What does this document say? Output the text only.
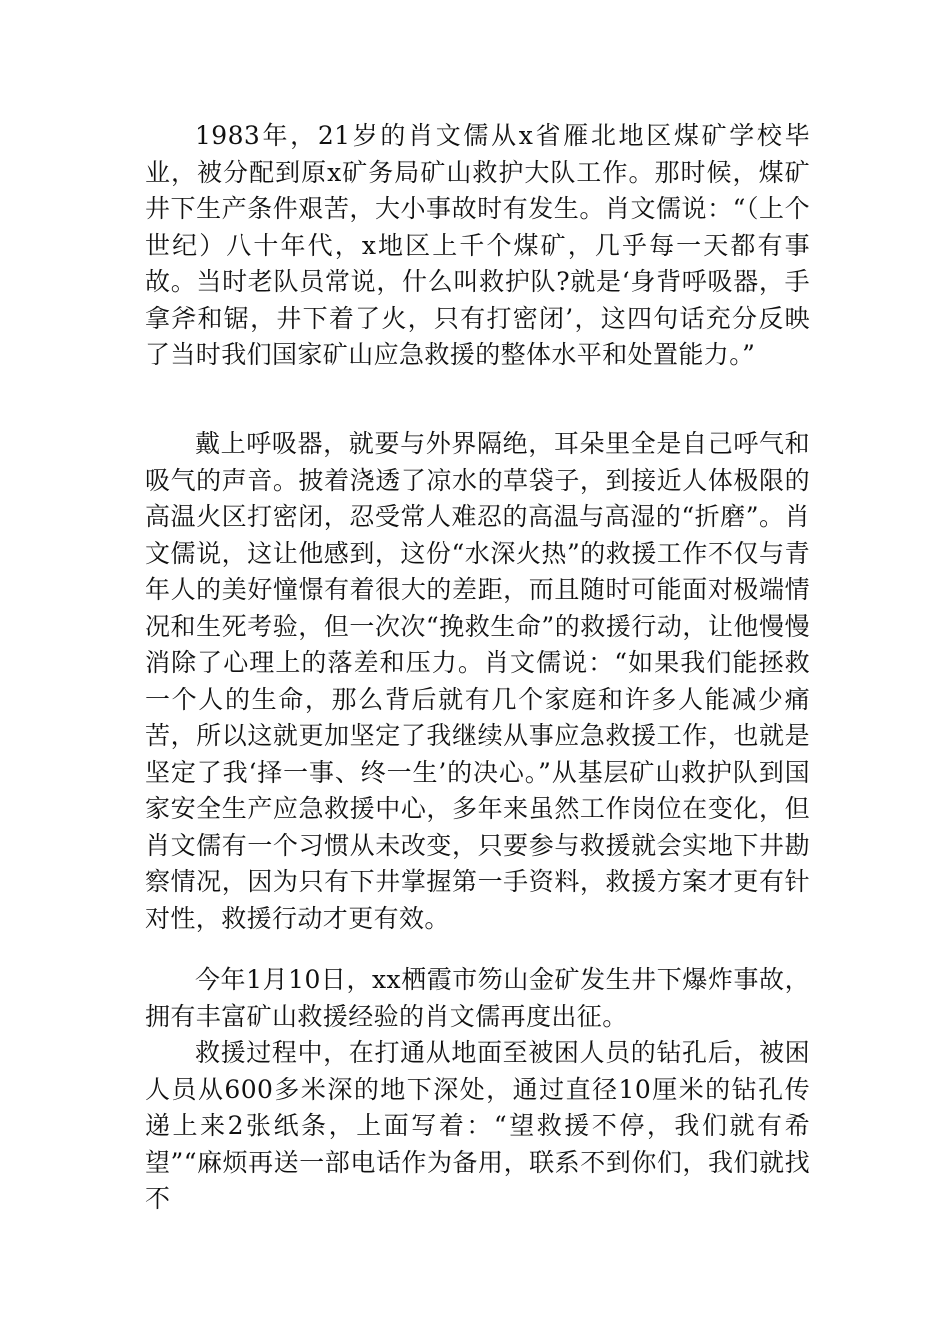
1983年，21岁的肖文儒从x省雁北地区煤矿学校毕业，被分配到原x矿务局矿山救护大队工作。那时候，煤矿井下生产条件艰苦，大小事故时有发生。肖文儒说：“（上个世纪）八十年代，x地区上千个煤矿，几乎每一天都有事故。当时老队员常说，什么叫救护队?就是‘身背呼吸器，手拿斧和锯，井下着了火，只有打密闭’，这四句话充分反映了当时我们国家矿山应急救援的整体水平和处置能力。”

戴上呼吸器，就要与外界隔绝，耳朵里全是自己呼气和吸气的声音。披着浇透了凉水的草袋子，到接近人体极限的高温火区打密闭，忍受常人难忍的高温与高湿的“折磨”。肖文儒说，这让他感到，这份“水深火热”的救援工作不仅与青年人的美好憧憬有着很大的差距，而且随时可能面对极端情况和生死考验，但一次次“挽救生命”的救援行动，让他慢慢消除了心理上的落差和压力。肖文儒说：“如果我们能拯救一个人的生命，那么背后就有几个家庭和许多人能减少痛苦，所以这就更加坚定了我继续从事应急救援工作，也就是坚定了我‘择一事、终一生’的决心。”从基层矿山救护队到国家安全生产应急救援中心，多年来虽然工作岗位在变化，但肖文儒有一个习惯从未改变，只要参与救援就会实地下井勘察情况，因为只有下井掌握第一手资料，救援方案才更有针对性，救援行动才更有效。

今年1月10日，xx栖霞市笏山金矿发生井下爆炸事故，拥有丰富矿山救援经验的肖文儒再度出征。

救援过程中，在打通从地面至被困人员的钻孔后，被困人员从600多米深的地下深处，通过直径10厘米的钻孔传递上来2张纸条，上面写着：“望救援不停，我们就有希望”“麻烦再送一部电话作为备用，联系不到你们，我们就找不
